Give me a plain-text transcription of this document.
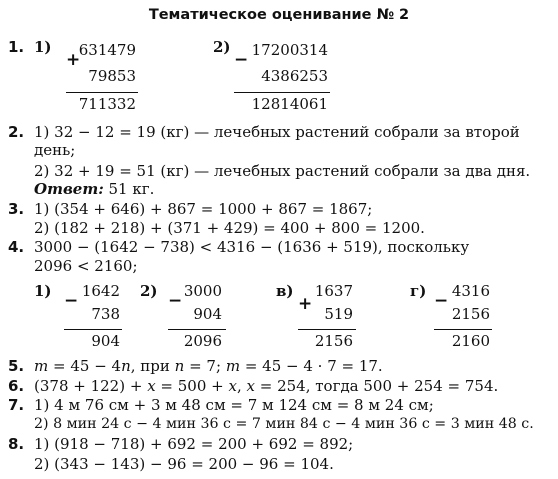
Тематическое оценивание № 2
1. 1)
+
631479
79853
711332
2)
− 17200314
4386253
12814061
2. 1) 32 − 12 = 19 (кг) — лечебных растений собрали за второй
день;
2) 32 + 19 = 51 (кг) — лечебных растений собрали за два дня.
Ответ: 51 кг.
3. 1) (354 + 646) + 867 = 1000 + 867 = 1867;
2) (182 + 218) + (371 + 429) = 400 + 800 = 1200.
4. 3000 − (1642 − 738) < 4316 − (1636 + 519), поскольку
2096 < 2160;
1) − 1642
738
904
2) − 3000
904
2096
в)
+
1637
519
2156
г) − 4316
2156
2160
5. m = 45 − 4n, при n = 7; m = 45 − 4 · 7 = 17.
6. (378 + 122) + x = 500 + x, x = 254, тогда 500 + 254 = 754.
7. 1) 4 м 76 см + 3 м 48 см = 7 м 124 см = 8 м 24 см;
2) 8 мин 24 с − 4 мин 36 с = 7 мин 84 с − 4 мин 36 с = 3 мин 48 с.
8. 1) (918 − 718) + 692 = 200 + 692 = 892;
2) (343 − 143) − 96 = 200 − 96 = 104.
